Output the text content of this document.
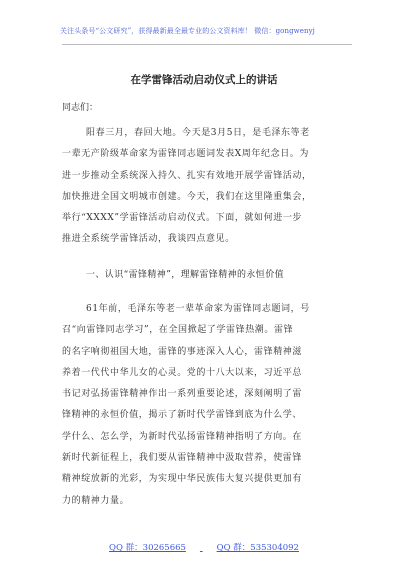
关注头条号“公文研究”，获得最新最全最专业的公文资料库！ 微信：gongwenyj
在学雷锋活动启动仪式上的讲话
同志们：
阳春三月，春回大地。今天是3月5日，是毛泽东等老
一辈无产阶级革命家为雷锋同志题词发表X周年纪念日。为
进一步推动全系统深入持久、扎实有效地开展学雷锋活动，
加快推进全国文明城市创建。今天，我们在这里隆重集会，
举行“XXXX”学雷锋活动启动仪式。下面，就如何进一步
推进全系统学雷锋活动，我谈四点意见。
一、认识“雷锋精神”，理解雷锋精神的永恒价值
61年前，毛泽东等老一辈革命家为雷锋同志题词，号
召“向雷锋同志学习”，在全国掀起了学雷锋热潮。雷锋
的名字响彻祖国大地，雷锋的事迹深入人心，雷锋精神滋
养着一代代中华儿女的心灵。党的十八大以来，习近平总
书记对弘扬雷锋精神作出一系列重要论述，深刻阐明了雷
锋精神的永恒价值，揭示了新时代学雷锋到底为什么学、
学什么、怎么学，为新时代弘扬雷锋精神指明了方向。在
新时代新征程上，我们要从雷锋精神中汲取营养，使雷锋
精神绽放新的光彩，为实现中华民族伟大复兴提供更加有
力的精神力量。
QQ 群：30265665	QQ 群：535304092
